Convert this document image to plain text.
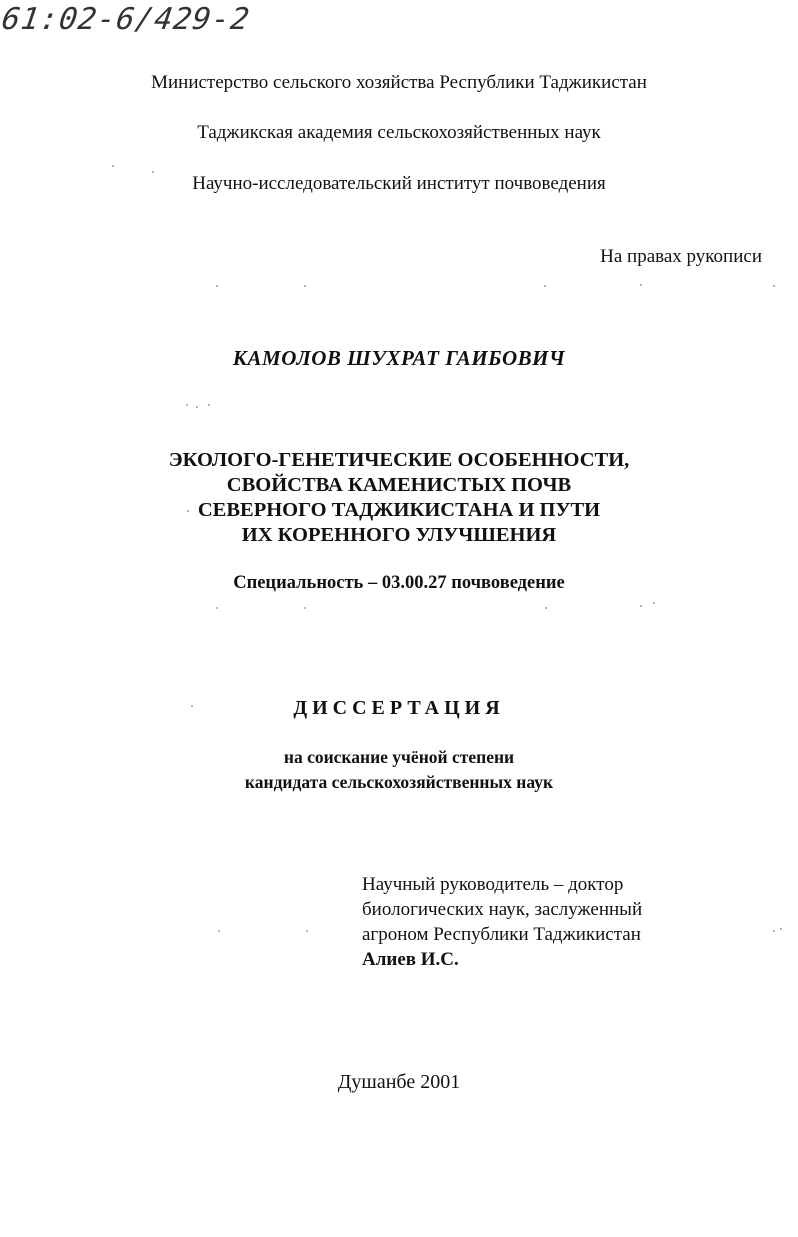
61:02-6/429-2
Министерство сельского хозяйства Республики Таджикистан
Таджикская академия сельскохозяйственных наук
Научно-исследовательский институт почвоведения
На правах рукописи
КАМОЛОВ ШУХРАТ ГАИБОВИЧ
ЭКОЛОГО-ГЕНЕТИЧЕСКИЕ ОСОБЕННОСТИ,
СВОЙСТВА КАМЕНИСТЫХ ПОЧВ
СЕВЕРНОГО ТАДЖИКИСТАНА И ПУТИ
ИХ КОРЕННОГО УЛУЧШЕНИЯ
Специальность – 03.00.27 почвоведение
ДИССЕРТАЦИЯ
на соискание учёной степени
кандидата сельскохозяйственных наук
Научный руководитель – доктор
биологических наук, заслуженный
агроном Республики Таджикистан
Алиев И.С.
Душанбе 2001
